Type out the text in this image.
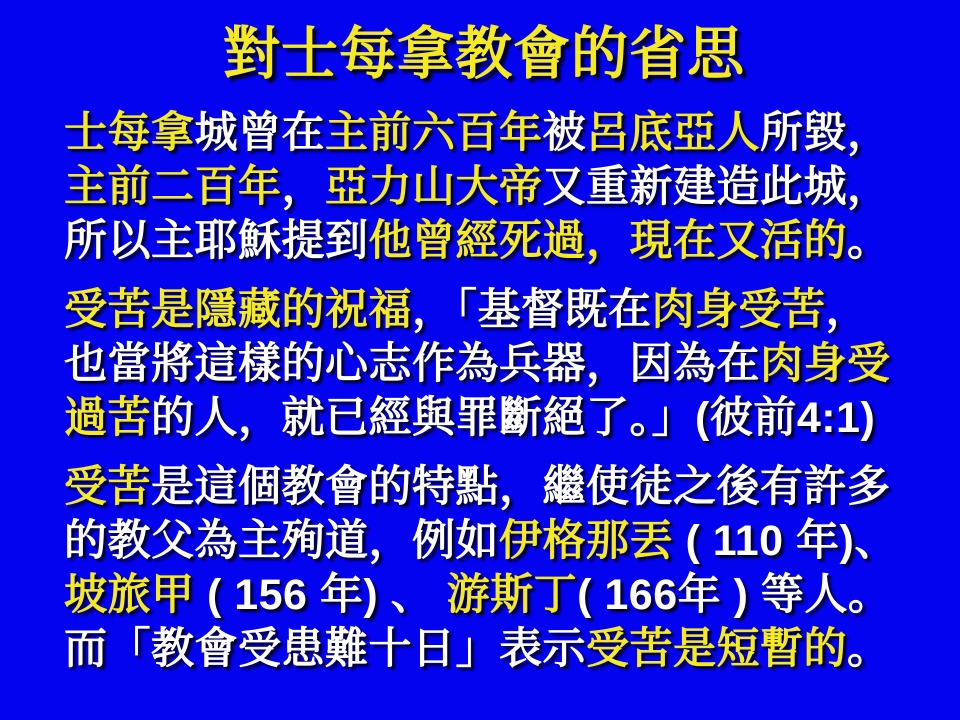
對士每拿教會的省思
士每拿城曾在主前六百年被呂底亞人所毀，
主前二百年，亞力山大帝又重新建造此城，
所以主耶穌提到他曾經死過，現在又活的。
受苦是隱藏的祝福，「基督既在肉身受苦，
也當將這樣的心志作為兵器，因為在肉身受
過苦的人，就已經與罪斷絕了。」(彼前4:1)
受苦是這個教會的特點，繼使徒之後有許多
的教父為主殉道，例如伊格那丟 ( 110 年)、
坡旅甲 ( 156 年) 、 游斯丁( 166年 ) 等人。
而「教會受患難十日」表示受苦是短暫的。
